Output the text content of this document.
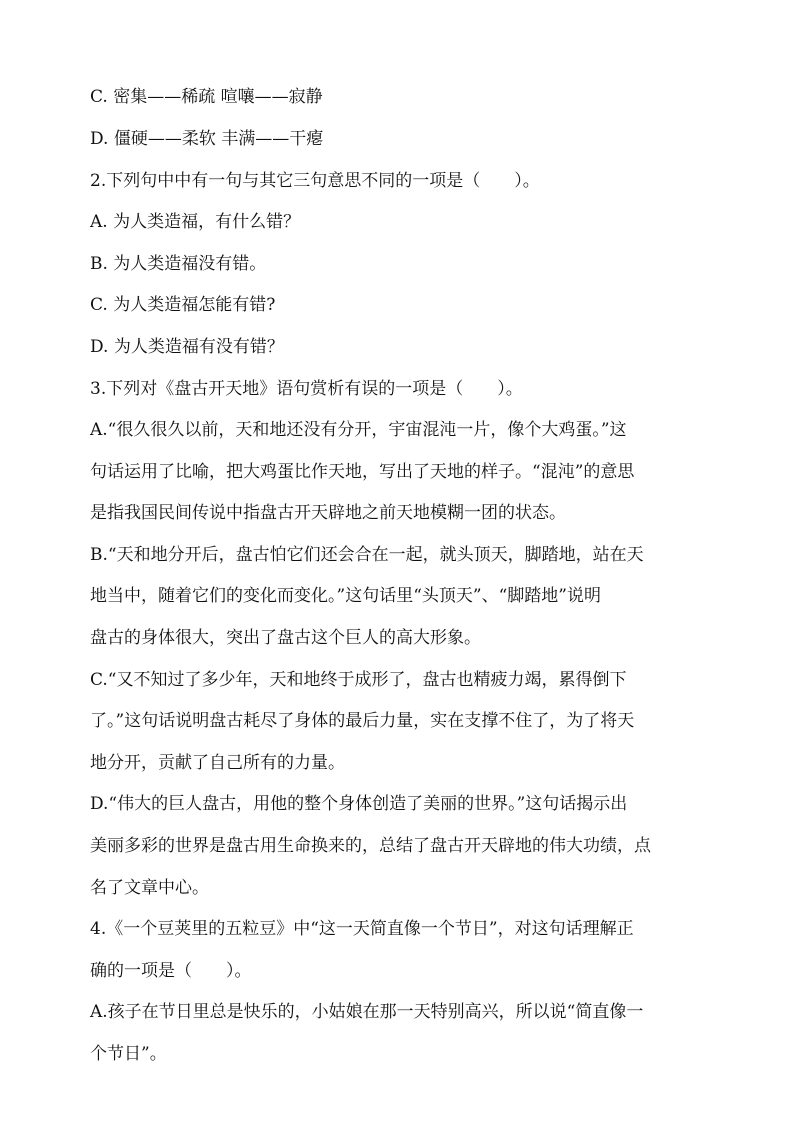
C. 密集——稀疏 喧嚷——寂静
D. 僵硬——柔软 丰满——干瘪
2.下列句中中有一句与其它三句意思不同的一项是（　　）。
A. 为人类造福，有什么错？
B. 为人类造福没有错。
C. 为人类造福怎能有错?
D. 为人类造福有没有错？
3.下列对《盘古开天地》语句赏析有误的一项是（　　）。
A.“很久很久以前，天和地还没有分开，宇宙混沌一片，像个大鸡蛋。”这
句话运用了比喻，把大鸡蛋比作天地，写出了天地的样子。“混沌”的意思
是指我国民间传说中指盘古开天辟地之前天地模糊一团的状态。
B.“天和地分开后，盘古怕它们还会合在一起，就头顶天，脚踏地，站在天
地当中，随着它们的变化而变化。”这句话里“头顶天”、“脚踏地”说明
盘古的身体很大，突出了盘古这个巨人的高大形象。
C.“又不知过了多少年，天和地终于成形了，盘古也精疲力竭，累得倒下
了。”这句话说明盘古耗尽了身体的最后力量，实在支撑不住了，为了将天
地分开，贡献了自己所有的力量。
D.“伟大的巨人盘古，用他的整个身体创造了美丽的世界。”这句话揭示出
美丽多彩的世界是盘古用生命换来的，总结了盘古开天辟地的伟大功绩，点
名了文章中心。
4.《一个豆荚里的五粒豆》中“这一天简直像一个节日”，对这句话理解正
确的一项是（　　）。
A.孩子在节日里总是快乐的，小姑娘在那一天特别高兴，所以说“简直像一
个节日”。
